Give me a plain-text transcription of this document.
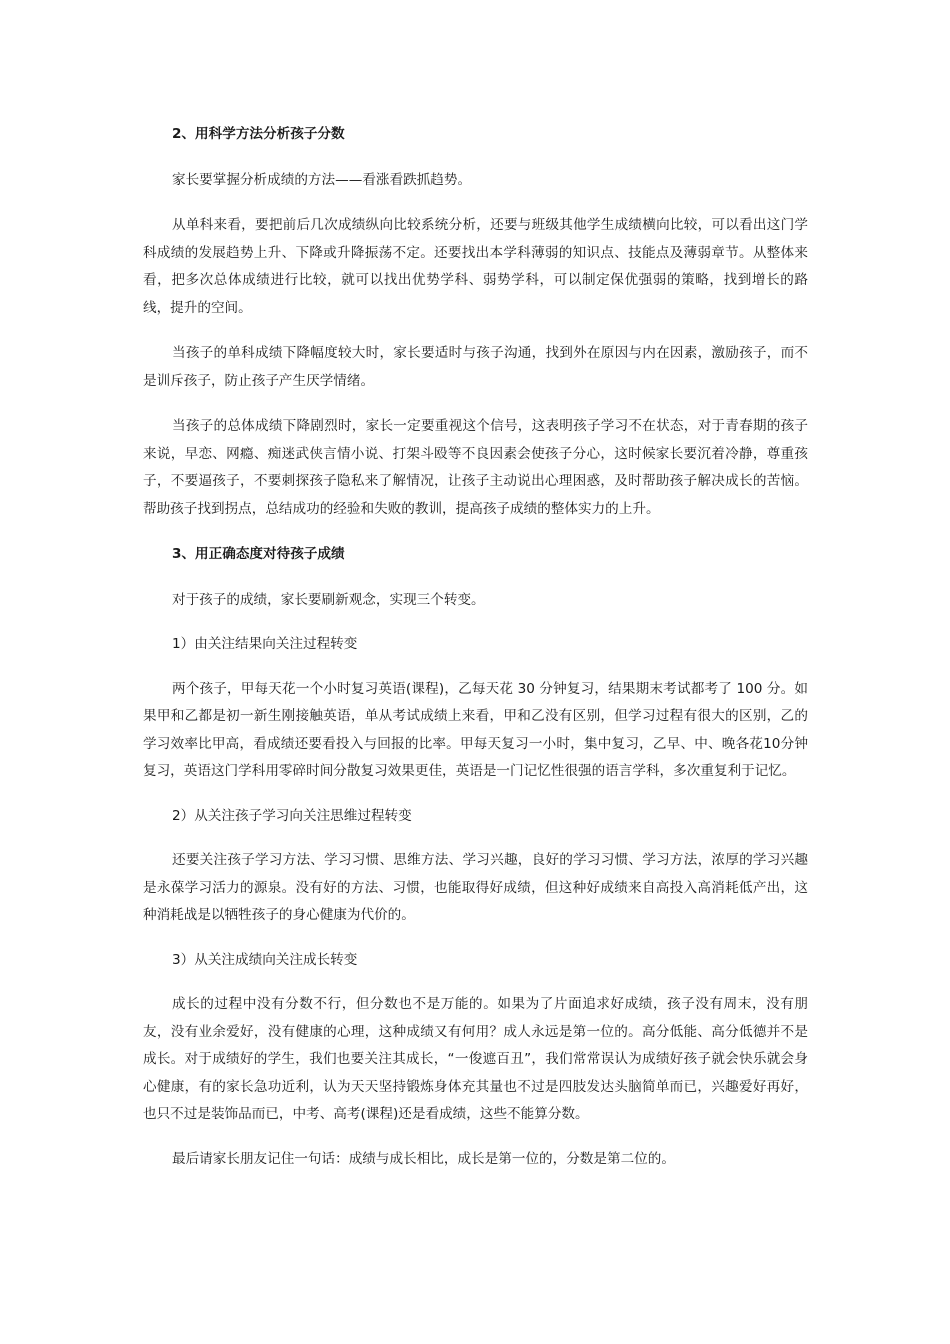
2、用科学方法分析孩子分数

家长要掌握分析成绩的方法——看涨看跌抓趋势。

从单科来看，要把前后几次成绩纵向比较系统分析，还要与班级其他学生成绩横向比较，可以看出这门学科成绩的发展趋势上升、下降或升降振荡不定。还要找出本学科薄弱的知识点、技能点及薄弱章节。从整体来看，把多次总体成绩进行比较，就可以找出优势学科、弱势学科，可以制定保优强弱的策略，找到增长的路线，提升的空间。

当孩子的单科成绩下降幅度较大时，家长要适时与孩子沟通，找到外在原因与内在因素，激励孩子，而不是训斥孩子，防止孩子产生厌学情绪。

当孩子的总体成绩下降剧烈时，家长一定要重视这个信号，这表明孩子学习不在状态，对于青春期的孩子来说，早恋、网瘾、痴迷武侠言情小说、打架斗殴等不良因素会使孩子分心，这时候家长要沉着冷静，尊重孩子，不要逼孩子，不要刺探孩子隐私来了解情况，让孩子主动说出心理困惑，及时帮助孩子解决成长的苦恼。帮助孩子找到拐点，总结成功的经验和失败的教训，提高孩子成绩的整体实力的上升。

3、用正确态度对待孩子成绩

对于孩子的成绩，家长要刷新观念，实现三个转变。

1）由关注结果向关注过程转变

两个孩子，甲每天花一个小时复习英语(课程)，乙每天花 30 分钟复习，结果期末考试都考了 100 分。如果甲和乙都是初一新生刚接触英语，单从考试成绩上来看，甲和乙没有区别，但学习过程有很大的区别，乙的学习效率比甲高，看成绩还要看投入与回报的比率。甲每天复习一小时，集中复习，乙早、中、晚各花10分钟复习，英语这门学科用零碎时间分散复习效果更佳，英语是一门记忆性很强的语言学科，多次重复利于记忆。

2）从关注孩子学习向关注思维过程转变

还要关注孩子学习方法、学习习惯、思维方法、学习兴趣，良好的学习习惯、学习方法，浓厚的学习兴趣是永葆学习活力的源泉。没有好的方法、习惯，也能取得好成绩，但这种好成绩来自高投入高消耗低产出，这种消耗战是以牺牲孩子的身心健康为代价的。

3）从关注成绩向关注成长转变

成长的过程中没有分数不行，但分数也不是万能的。如果为了片面追求好成绩，孩子没有周末，没有朋友，没有业余爱好，没有健康的心理，这种成绩又有何用？成人永远是第一位的。高分低能、高分低德并不是成长。对于成绩好的学生，我们也要关注其成长，“一俊遮百丑”，我们常常误认为成绩好孩子就会快乐就会身心健康，有的家长急功近利，认为天天坚持锻炼身体充其量也不过是四肢发达头脑简单而已，兴趣爱好再好，也只不过是装饰品而已，中考、高考(课程)还是看成绩，这些不能算分数。

最后请家长朋友记住一句话：成绩与成长相比，成长是第一位的，分数是第二位的。
